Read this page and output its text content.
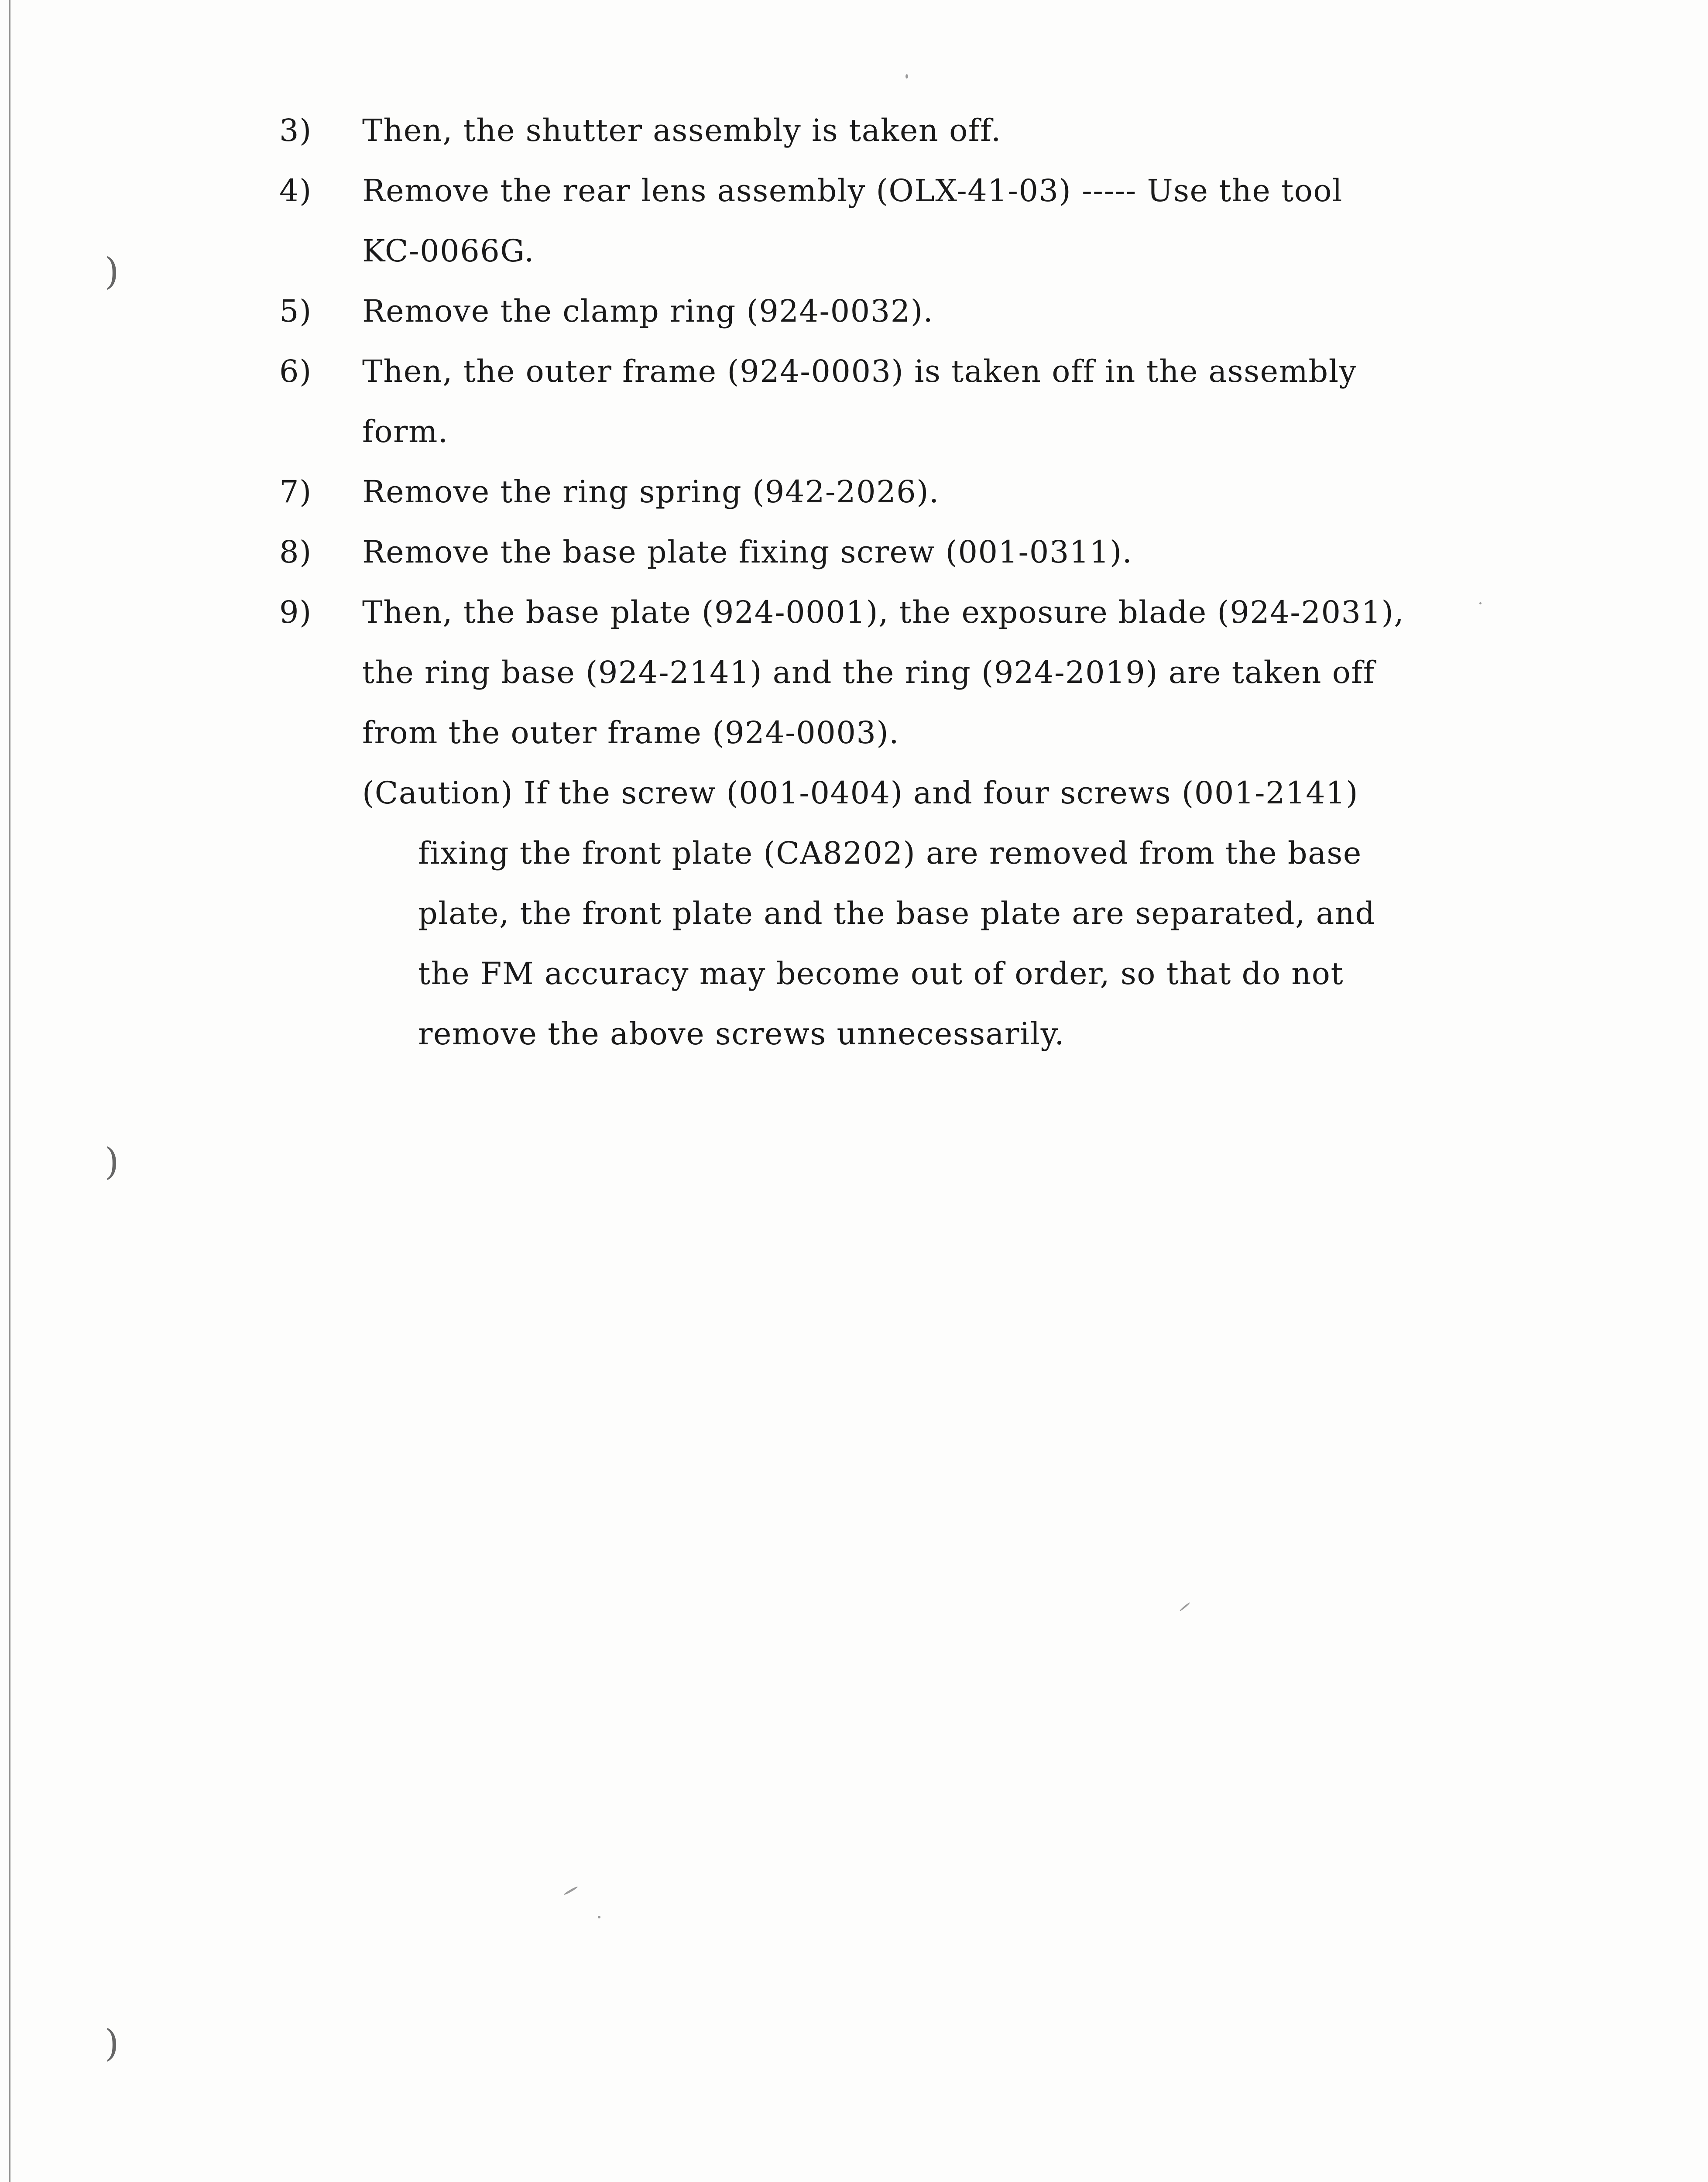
)
)
)
3)	Then, the shutter assembly is taken off.
4)	Remove the rear lens assembly (OLX-41-03) ----- Use the tool
KC-0066G.
5)	Remove the clamp ring (924-0032).
6)	Then, the outer frame (924-0003) is taken off in the assembly
form.
7)	Remove the ring spring (942-2026).
8)	Remove the base plate fixing screw (001-0311).
9)	Then, the base plate (924-0001), the exposure blade (924-2031),
the ring base (924-2141) and the ring (924-2019) are taken off
from the outer frame (924-0003).
(Caution) If the screw (001-0404) and four screws (001-2141)
fixing the front plate (CA8202) are removed from the base
plate, the front plate and the base plate are separated, and
the FM accuracy may become out of order, so that do not
remove the above screws unnecessarily.
